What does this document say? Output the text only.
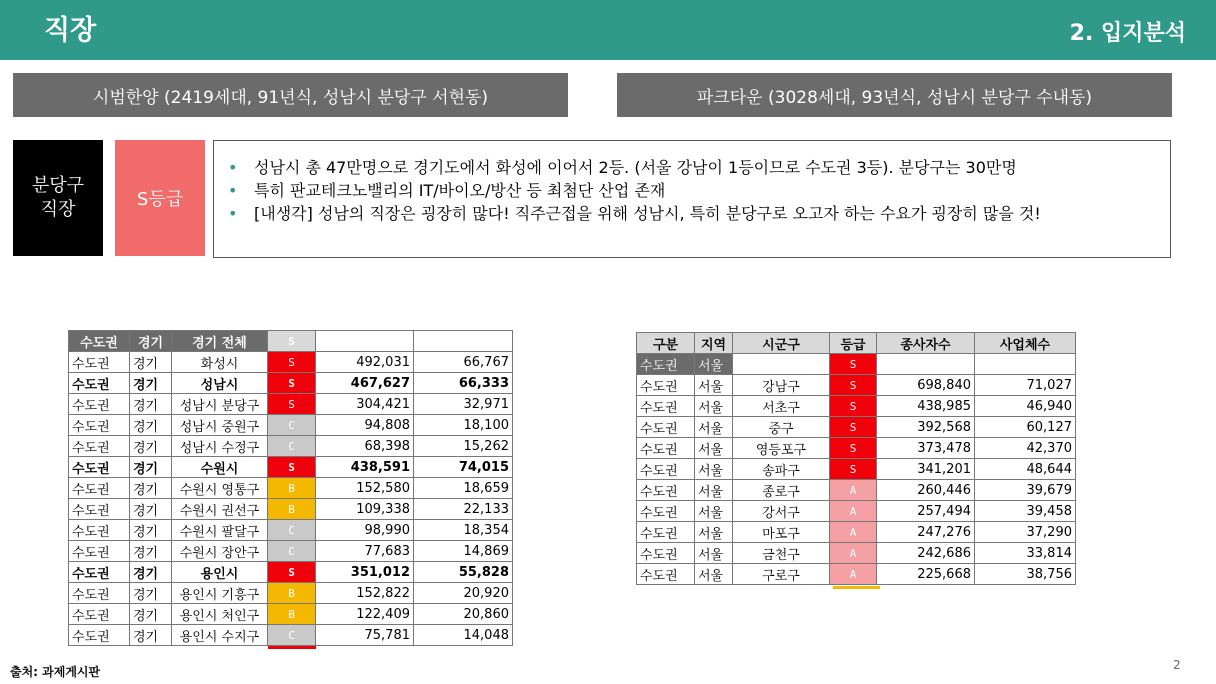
직장	2. 입지분석
시범한양 (2419세대, 91년식, 성남시 분당구 서현동)	파크타운 (3028세대, 93년식, 성남시 분당구 수내동)
분당구
직장	S등급
•	성남시 총 47만명으로 경기도에서 화성에 이어서 2등. (서울 강남이 1등이므로 수도권 3등). 분당구는 30만명
•	특히 판교테크노밸리의 IT/바이오/방산 등 최첨단 산업 존재
•	[내생각] 성남의 직장은 굉장히 많다! 직주근접을 위해 성남시, 특히 분당구로 오고자 하는 수요가 굉장히 많을 것!
수도권	경기	경기 전체	S		
수도권	경기	화성시	S	492,031	66,767
수도권	경기	성남시	S	467,627	66,333
수도권	경기	성남시 분당구	S	304,421	32,971
수도권	경기	성남시 중원구	C	94,808	18,100
수도권	경기	성남시 수정구	C	68,398	15,262
수도권	경기	수원시	S	438,591	74,015
수도권	경기	수원시 영통구	B	152,580	18,659
수도권	경기	수원시 권선구	B	109,338	22,133
수도권	경기	수원시 팔달구	C	98,990	18,354
수도권	경기	수원시 장안구	C	77,683	14,869
수도권	경기	용인시	S	351,012	55,828
수도권	경기	용인시 기흥구	B	152,822	20,920
수도권	경기	용인시 처인구	B	122,409	20,860
수도권	경기	용인시 수지구	C	75,781	14,048
구분	지역	시군구	등급	종사자수	사업체수
수도권	서울		S		
수도권	서울	강남구	S	698,840	71,027
수도권	서울	서초구	S	438,985	46,940
수도권	서울	중구	S	392,568	60,127
수도권	서울	영등포구	S	373,478	42,370
수도권	서울	송파구	S	341,201	48,644
수도권	서울	종로구	A	260,446	39,679
수도권	서울	강서구	A	257,494	39,458
수도권	서울	마포구	A	247,276	37,290
수도권	서울	금천구	A	242,686	33,814
수도권	서울	구로구	A	225,668	38,756
출처: 과제게시판	2
